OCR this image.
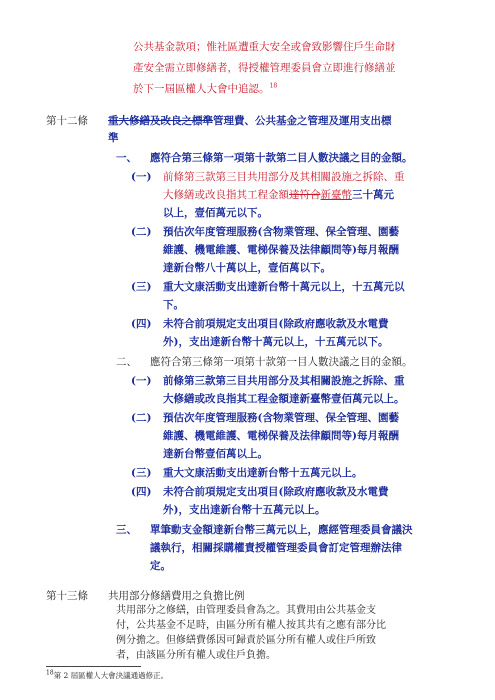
公共基金款項；惟社區遭重大安全或會致影響住戶生命財
產安全需立即修繕者，得授權管理委員會立即進行修繕並
於下一屆區權人大會中追認。$^{18}$
第十二條 重大修繕及改良之標準管理費、公共基金之管理及運用支出標
準
一、 應符合第三條第一項第十款第二目人數決議之目的金額。
(一) 前條第三款第三目共用部分及其相關設施之拆除、重
大修繕或改良指其工程金額達符合新臺幣三十萬元
以上，壹佰萬元以下。
(二) 預估次年度管理服務(含物業管理、保全管理、園藝
維護、機電維護、電梯保養及法律顧問等)每月報酬
達新台幣八十萬以上，壹佰萬以下。
(三) 重大文康活動支出達新台幣十萬元以上，十五萬元以
下。
(四) 未符合前項規定支出項目(除政府應收款及水電費
外)，支出達新台幣十萬元以上，十五萬元以下。
二、 應符合第三條第一項第十款第一目人數決議之目的金額。
(一) 前條第三款第三目共用部分及其相關設施之拆除、重
大修繕或改良指其工程金額達新臺幣壹佰萬元以上。
(二) 預估次年度管理服務(含物業管理、保全管理、園藝
維護、機電維護、電梯保養及法律顧問等)每月報酬
達新台幣壹佰萬以上。
(三) 重大文康活動支出達新台幣十五萬元以上。
(四) 未符合前項規定支出項目(除政府應收款及水電費
外)，支出達新台幣十五萬元以上。
三、 單筆動支金額達新台幣三萬元以上，應經管理委員會議決
議執行，相關採購權責授權管理委員會訂定管理辦法律
定。
第十三條 共用部分修繕費用之負擔比例
共用部分之修繕，由管理委員會為之。其費用由公共基金支
付，公共基金不足時，由區分所有權人按其共有之應有部分比
例分擔之。但修繕費係因可歸責於區分所有權人或住戶所致
者，由該區分所有權人或住戶負擔。
$^{18}$第 2 屆區權人大會決議通過修正。
